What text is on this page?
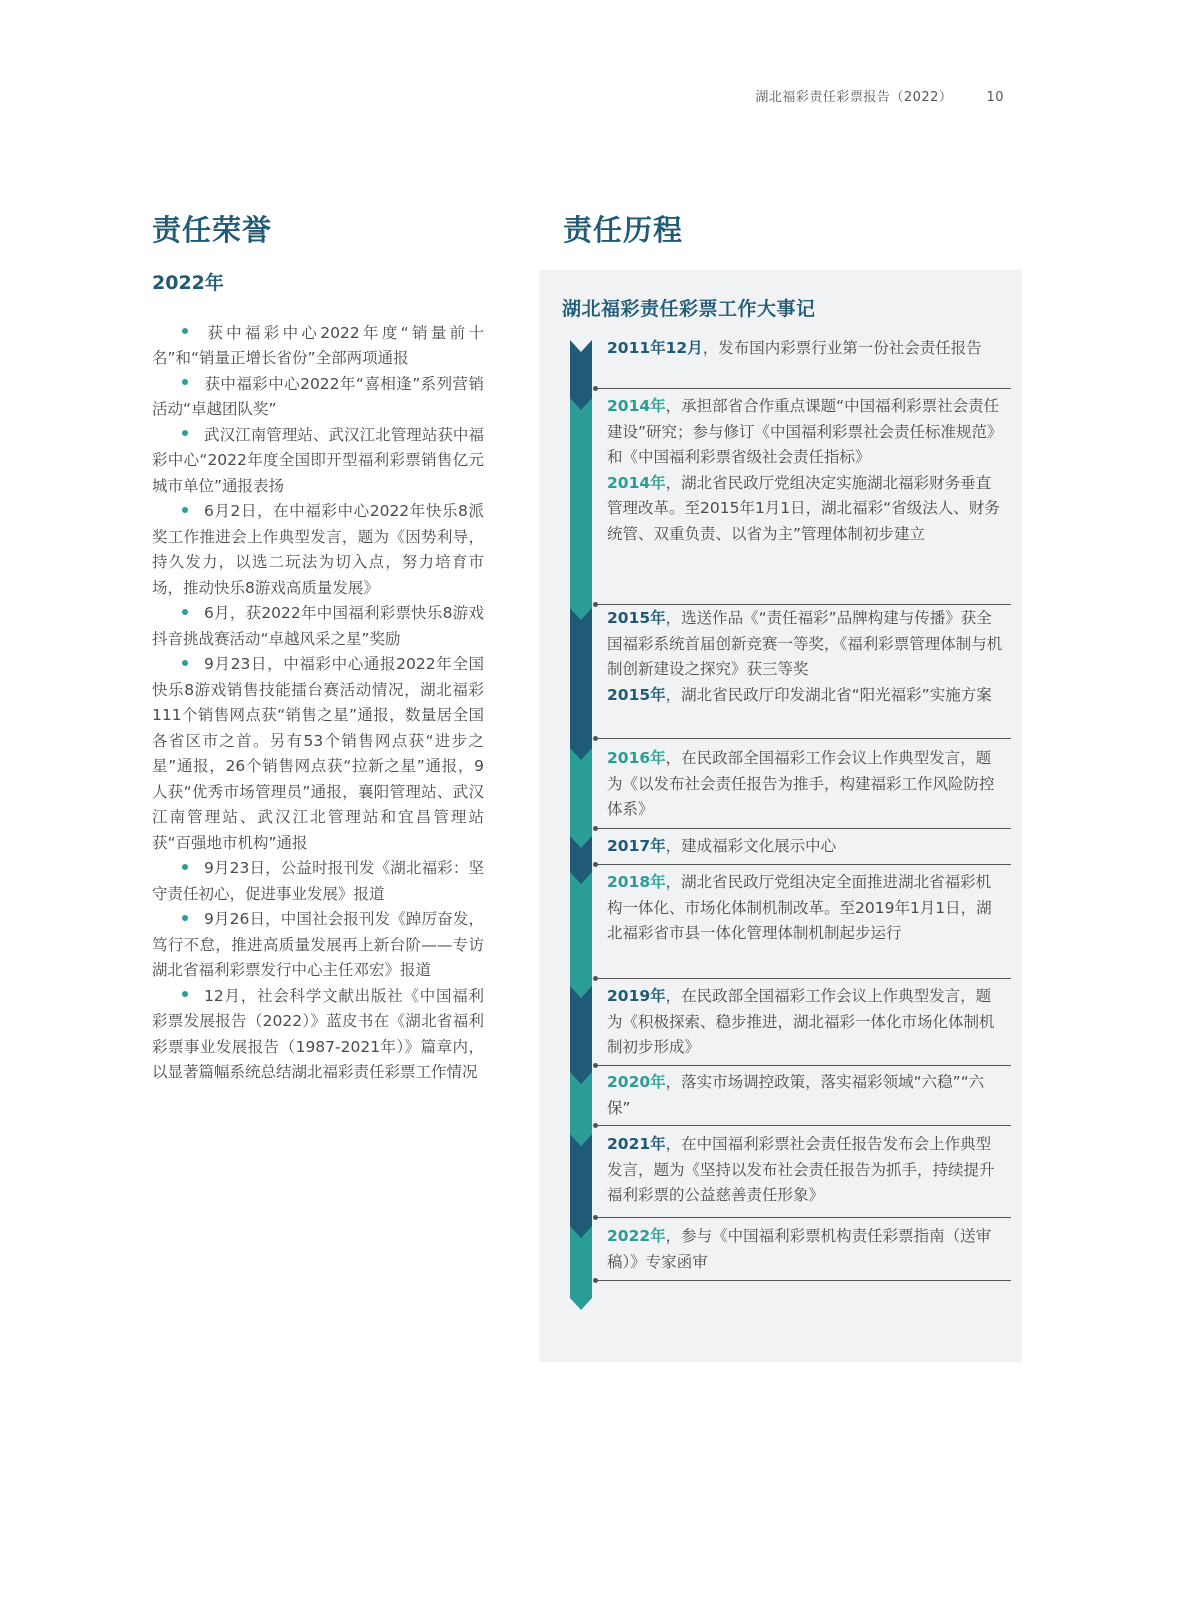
湖北福彩责任彩票报告（2022）	10
责任荣誉
2022年

获中福彩中心2022年度“销量前十名”和“销量正增长省份”全部两项通报

获中福彩中心2022年“喜相逢”系列营销活动“卓越团队奖”

武汉江南管理站、武汉江北管理站获中福彩中心“2022年度全国即开型福利彩票销售亿元城市单位”通报表扬

6月2日，在中福彩中心2022年快乐8派奖工作推进会上作典型发言，题为《因势利导，持久发力，以选二玩法为切入点，努力培育市场，推动快乐8游戏高质量发展》

6月，获2022年中国福利彩票快乐8游戏抖音挑战赛活动“卓越风采之星”奖励

9月23日，中福彩中心通报2022年全国快乐8游戏销售技能擂台赛活动情况，湖北福彩111个销售网点获“销售之星”通报，数量居全国各省区市之首。另有53个销售网点获“进步之星”通报，26个销售网点获“拉新之星”通报，9人获“优秀市场管理员”通报，襄阳管理站、武汉江南管理站、武汉江北管理站和宜昌管理站获“百强地市机构”通报

9月23日，公益时报刊发《湖北福彩：坚守责任初心，促进事业发展》报道

9月26日，中国社会报刊发《踔厉奋发，笃行不怠，推进高质量发展再上新台阶——专访湖北省福利彩票发行中心主任邓宏》报道

12月，社会科学文献出版社《中国福利彩票发展报告（2022）》蓝皮书在《湖北省福利彩票事业发展报告（1987-2021年）》篇章内，以显著篇幅系统总结湖北福彩责任彩票工作情况

责任历程
湖北福彩责任彩票工作大事记

2011年12月，发布国内彩票行业第一份社会责任报告

2014年，承担部省合作重点课题“中国福利彩票社会责任建设”研究；参与修订《中国福利彩票社会责任标准规范》和《中国福利彩票省级社会责任指标》

2014年，湖北省民政厅党组决定实施湖北福彩财务垂直管理改革。至2015年1月1日，湖北福彩“省级法人、财务统管、双重负责、以省为主”管理体制初步建立

2015年，选送作品《“责任福彩”品牌构建与传播》获全国福彩系统首届创新竞赛一等奖，《福利彩票管理体制与机制创新建设之探究》获三等奖

2015年，湖北省民政厅印发湖北省“阳光福彩”实施方案

2016年，在民政部全国福彩工作会议上作典型发言，题为《以发布社会责任报告为推手，构建福彩工作风险防控体系》

2017年，建成福彩文化展示中心

2018年，湖北省民政厅党组决定全面推进湖北省福彩机构一体化、市场化体制机制改革。至2019年1月1日，湖北福彩省市县一体化管理体制机制起步运行

2019年，在民政部全国福彩工作会议上作典型发言，题为《积极探索、稳步推进，湖北福彩一体化市场化体制机制初步形成》

2020年，落实市场调控政策，落实福彩领域“六稳”“六保”

2021年，在中国福利彩票社会责任报告发布会上作典型发言，题为《坚持以发布社会责任报告为抓手，持续提升福利彩票的公益慈善责任形象》

2022年，参与《中国福利彩票机构责任彩票指南（送审稿）》专家函审
